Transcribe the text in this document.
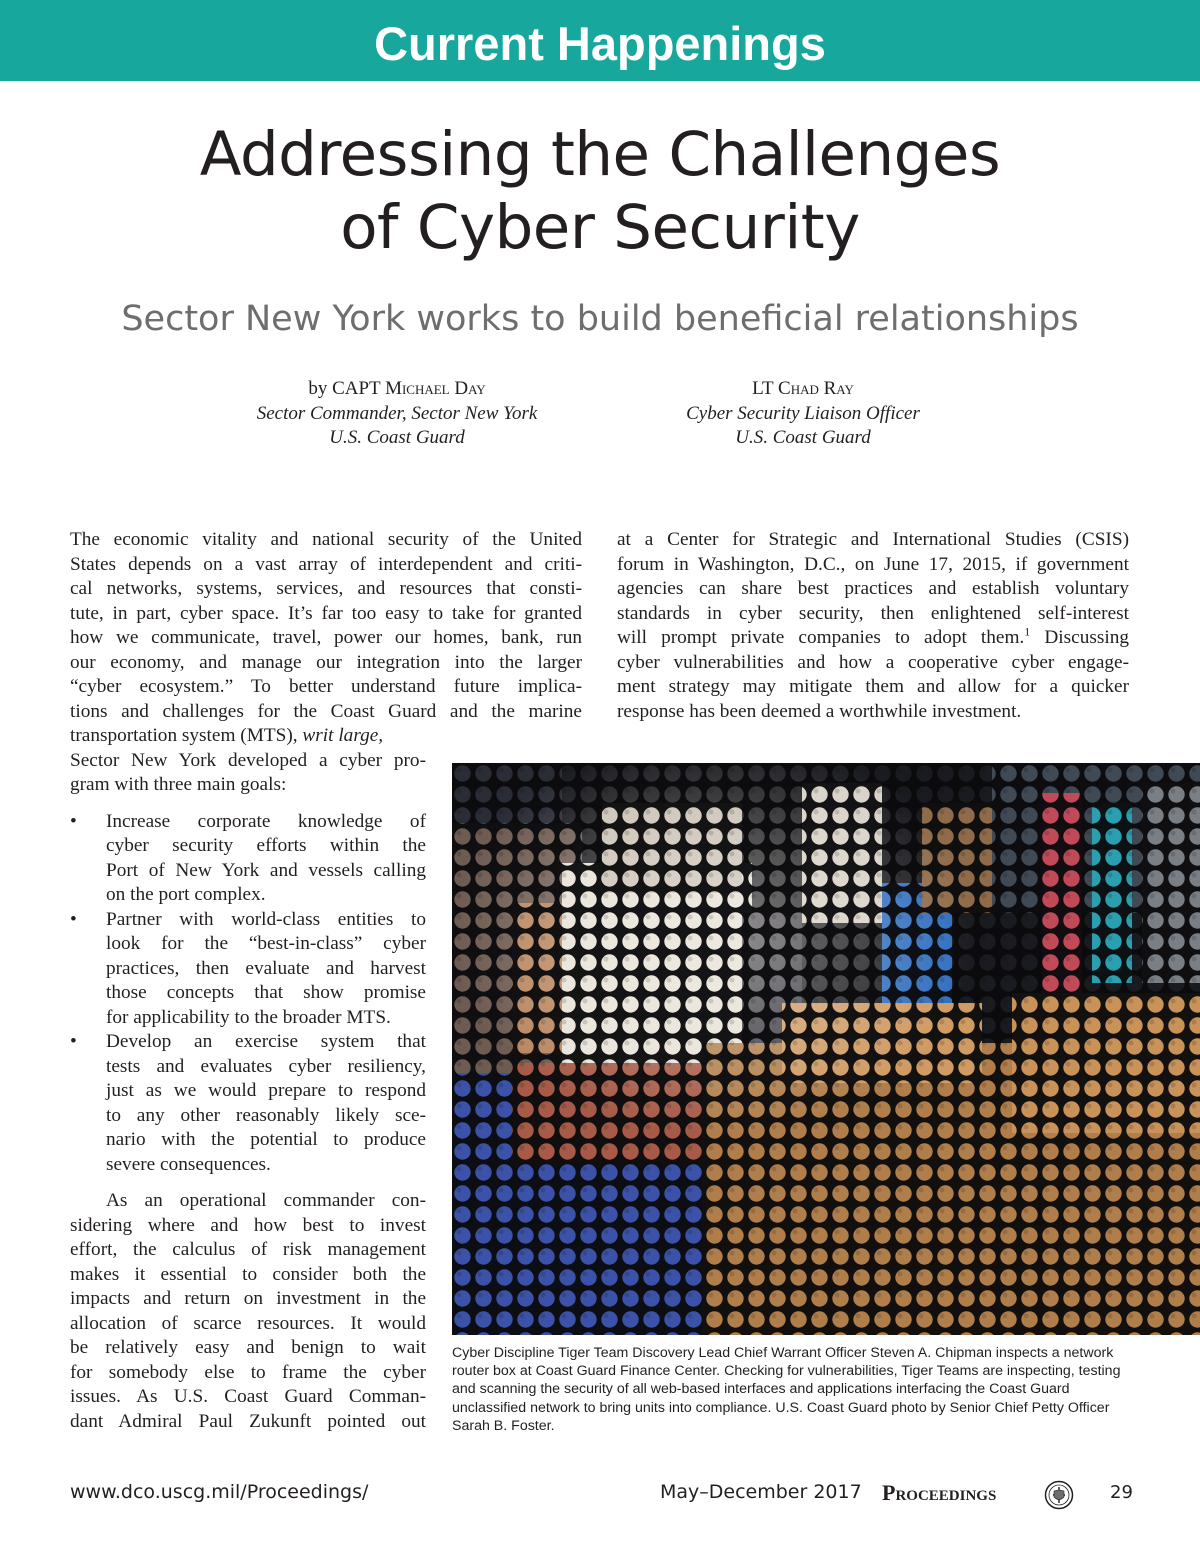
Current Happenings
Addressing the Challenges
of Cyber Security
Sector New York works to build beneficial relationships
by CAPT Michael Day
Sector Commander, Sector New York
U.S. Coast Guard
LT Chad Ray
Cyber Security Liaison Officer
U.S. Coast Guard

The economic vitality and national security of the United
States depends on a vast array of interdependent and criti-
cal networks, systems, services, and resources that consti-
tute, in part, cyber space. It’s far too easy to take for granted
how we communicate, travel, power our homes, bank, run
our economy, and manage our integration into the larger
“cyber ecosystem.” To better understand future implica-
tions and challenges for the Coast Guard and the marine

transportation system (MTS), writ large,
Sector New York developed a cyber pro-
gram with three main goals:

• Increase corporate knowledge of
cyber security efforts within the
Port of New York and vessels calling
on the port complex.
• Partner with world-class entities to
look for the “best-in-class” cyber
practices, then evaluate and harvest
those concepts that show promise
for applicability to the broader MTS.
• Develop an exercise system that
tests and evaluates cyber resiliency,
just as we would prepare to respond
to any other reasonably likely sce-
nario with the potential to produce
severe consequences.

As an operational commander con-
sidering where and how best to invest
effort, the calculus of risk management
makes it essential to consider both the
impacts and return on investment in the
allocation of scarce resources. It would
be relatively easy and benign to wait
for somebody else to frame the cyber
issues. As U.S. Coast Guard Comman-
dant Admiral Paul Zukunft pointed out

at a Center for Strategic and International Studies (CSIS)
forum in Washington, D.C., on June 17, 2015, if government
agencies can share best practices and establish voluntary
standards in cyber security, then enlightened self-interest
will prompt private companies to adopt them.$^1$ Discussing
cyber vulnerabilities and how a cooperative cyber engage-
ment strategy may mitigate them and allow for a quicker
response has been deemed a worthwhile investment.

Cyber Discipline Tiger Team Discovery Lead Chief Warrant Officer Steven A. Chipman inspects a network router box at Coast Guard Finance Center. Checking for vulnerabilities, Tiger Teams are inspecting, testing and scanning the security of all web-based interfaces and applications interfacing the Coast Guard unclassified network to bring units into compliance. U.S. Coast Guard photo by Senior Chief Petty Officer Sarah B. Foster.
www.dco.uscg.mil/Proceedings/	May–December 2017 Proceedings	29
